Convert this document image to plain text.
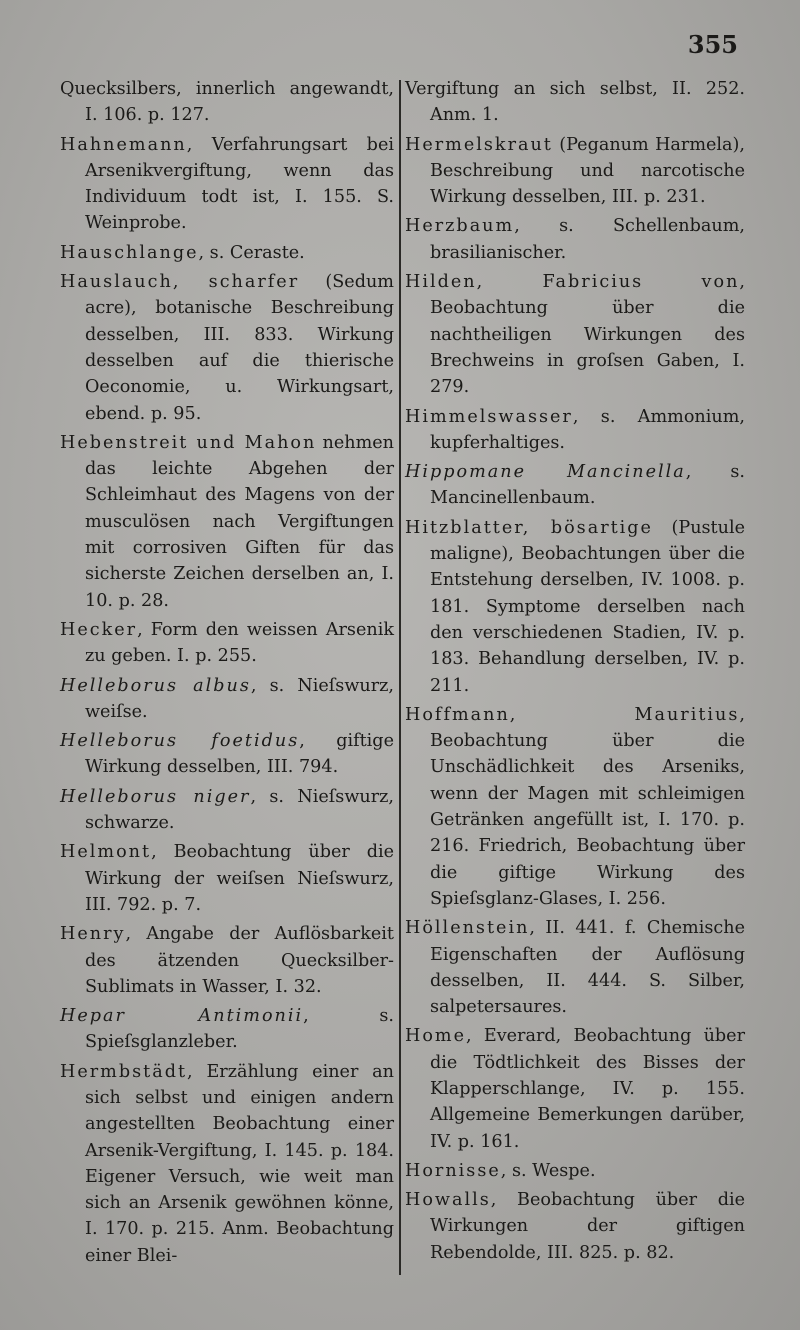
355

Quecksilbers, innerlich angewandt, I. 106. p. 127.

Hahnemann, Verfahrungsart bei Arsenikvergiftung, wenn das Individuum todt ist, I. 155. S. Weinprobe.

Hauschlange, s. Ceraste.

Hauslauch, scharfer (Sedum acre), botanische Beschreibung desselben, III. 833. Wirkung desselben auf die thierische Oeconomie, u. Wirkungsart, ebend. p. 95.

Hebenstreit und Mahon nehmen das leichte Abgehen der Schleimhaut des Magens von der musculösen nach Vergiftungen mit corrosiven Giften für das sicherste Zeichen derselben an, I. 10. p. 28.

Hecker, Form den weissen Arsenik zu geben. I. p. 255.

Helleborus albus, s. Nieſswurz, weiſse.

Helleborus foetidus, giftige Wirkung desselben, III. 794.

Helleborus niger, s. Nieſswurz, schwarze.

Helmont, Beobachtung über die Wirkung der weiſsen Nieſswurz, III. 792. p. 7.

Henry, Angabe der Auflösbarkeit des ätzenden Quecksilber-Sublimats in Wasser, I. 32.

Hepar Antimonii, s. Spieſsglanzleber.

Hermbstädt, Erzählung einer an sich selbst und einigen andern angestellten Beobachtung einer Arsenik-Vergiftung, I. 145. p. 184. Eigener Versuch, wie weit man sich an Arsenik gewöhnen könne, I. 170. p. 215. Anm. Beobachtung einer Blei-

Vergiftung an sich selbst, II. 252. Anm. 1.

Hermelskraut (Peganum Harmela), Beschreibung und narcotische Wirkung desselben, III. p. 231.

Herzbaum, s. Schellenbaum, brasilianischer.

Hilden, Fabricius von, Beobachtung über die nachtheiligen Wirkungen des Brechweins in groſsen Gaben, I. 279.

Himmelswasser, s. Ammonium, kupferhaltiges.

Hippomane Mancinella, s. Mancinellenbaum.

Hitzblatter, bösartige (Pustule maligne), Beobachtungen über die Entstehung derselben, IV. 1008. p. 181. Symptome derselben nach den verschiedenen Stadien, IV. p. 183. Behandlung derselben, IV. p. 211.

Hoffmann, Mauritius, Beobachtung über die Unschädlichkeit des Arseniks, wenn der Magen mit schleimigen Getränken angefüllt ist, I. 170. p. 216. Friedrich, Beobachtung über die giftige Wirkung des Spieſsglanz-Glases, I. 256.

Höllenstein, II. 441. f. Chemische Eigenschaften der Auflösung desselben, II. 444. S. Silber, salpetersaures.

Home, Everard, Beobachtung über die Tödtlichkeit des Bisses der Klapperschlange, IV. p. 155. Allgemeine Bemerkungen darüber, IV. p. 161.

Hornisse, s. Wespe.

Howalls, Beobachtung über die Wirkungen der giftigen Rebendolde, III. 825. p. 82.
